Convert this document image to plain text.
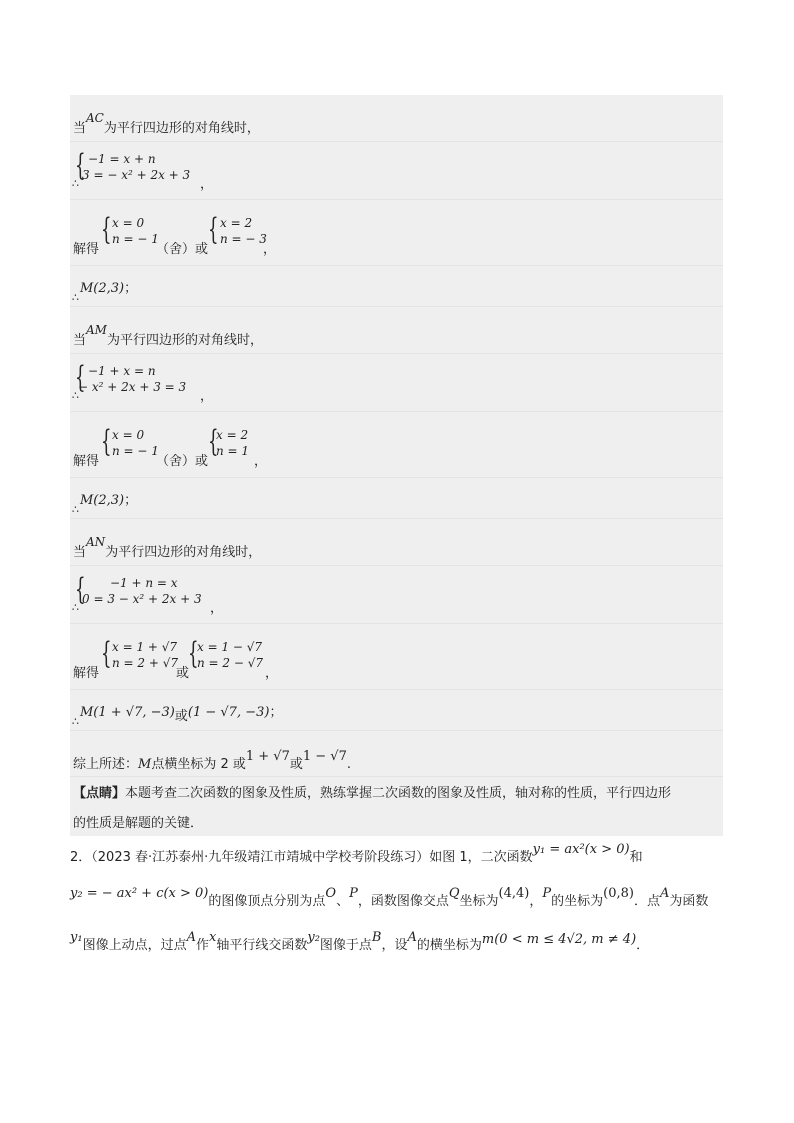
当AC为平行四边形的对角线时，
{ −1 = x + n
3 = − x² + 2x + 3
∴	，
解得
{ x = 0
n = − 1
（舍）或
{ x = 2
n = − 3
，
∴
M(2,3)；
当AM为平行四边形的对角线时，
{ −1 + x = n
− x² + 2x + 3 = 3
∴	，
解得
{ x = 0
n = − 1
（舍）或
{
x = 2
n = 1
，
∴
M(2,3)；
当AN为平行四边形的对角线时，
{ −1 + n = x
0 = 3 − x² + 2x + 3
∴	，
解得
{ x = 1 + √7
n = 2 + √7
或
{
x = 1 − √7
n = 2 − √7
，
∴
M(1 + √7, −3)或(1 − √7, −3)；
综上所述：M点横坐标为 2 或1 + √7或1 − √7.
【点睛】本题考查二次函数的图象及性质，熟练掌握二次函数的图象及性质，轴对称的性质，平行四边形
的性质是解题的关键．
2．（2023 春·江苏泰州·九年级靖江市靖城中学校考阶段练习）如图 1，二次函数y₁ = ax²(x > 0)和
y₂ = − ax² + c(x > 0)的图像顶点分别为点O、P，函数图像交点Q坐标为(4,4)，P的坐标为(0,8)．点A为函数
y₁图像上动点，过点A作x轴平行线交函数y₂图像于点B，设A的横坐标为m(0 < m ≤ 4√2, m ≠ 4)．
